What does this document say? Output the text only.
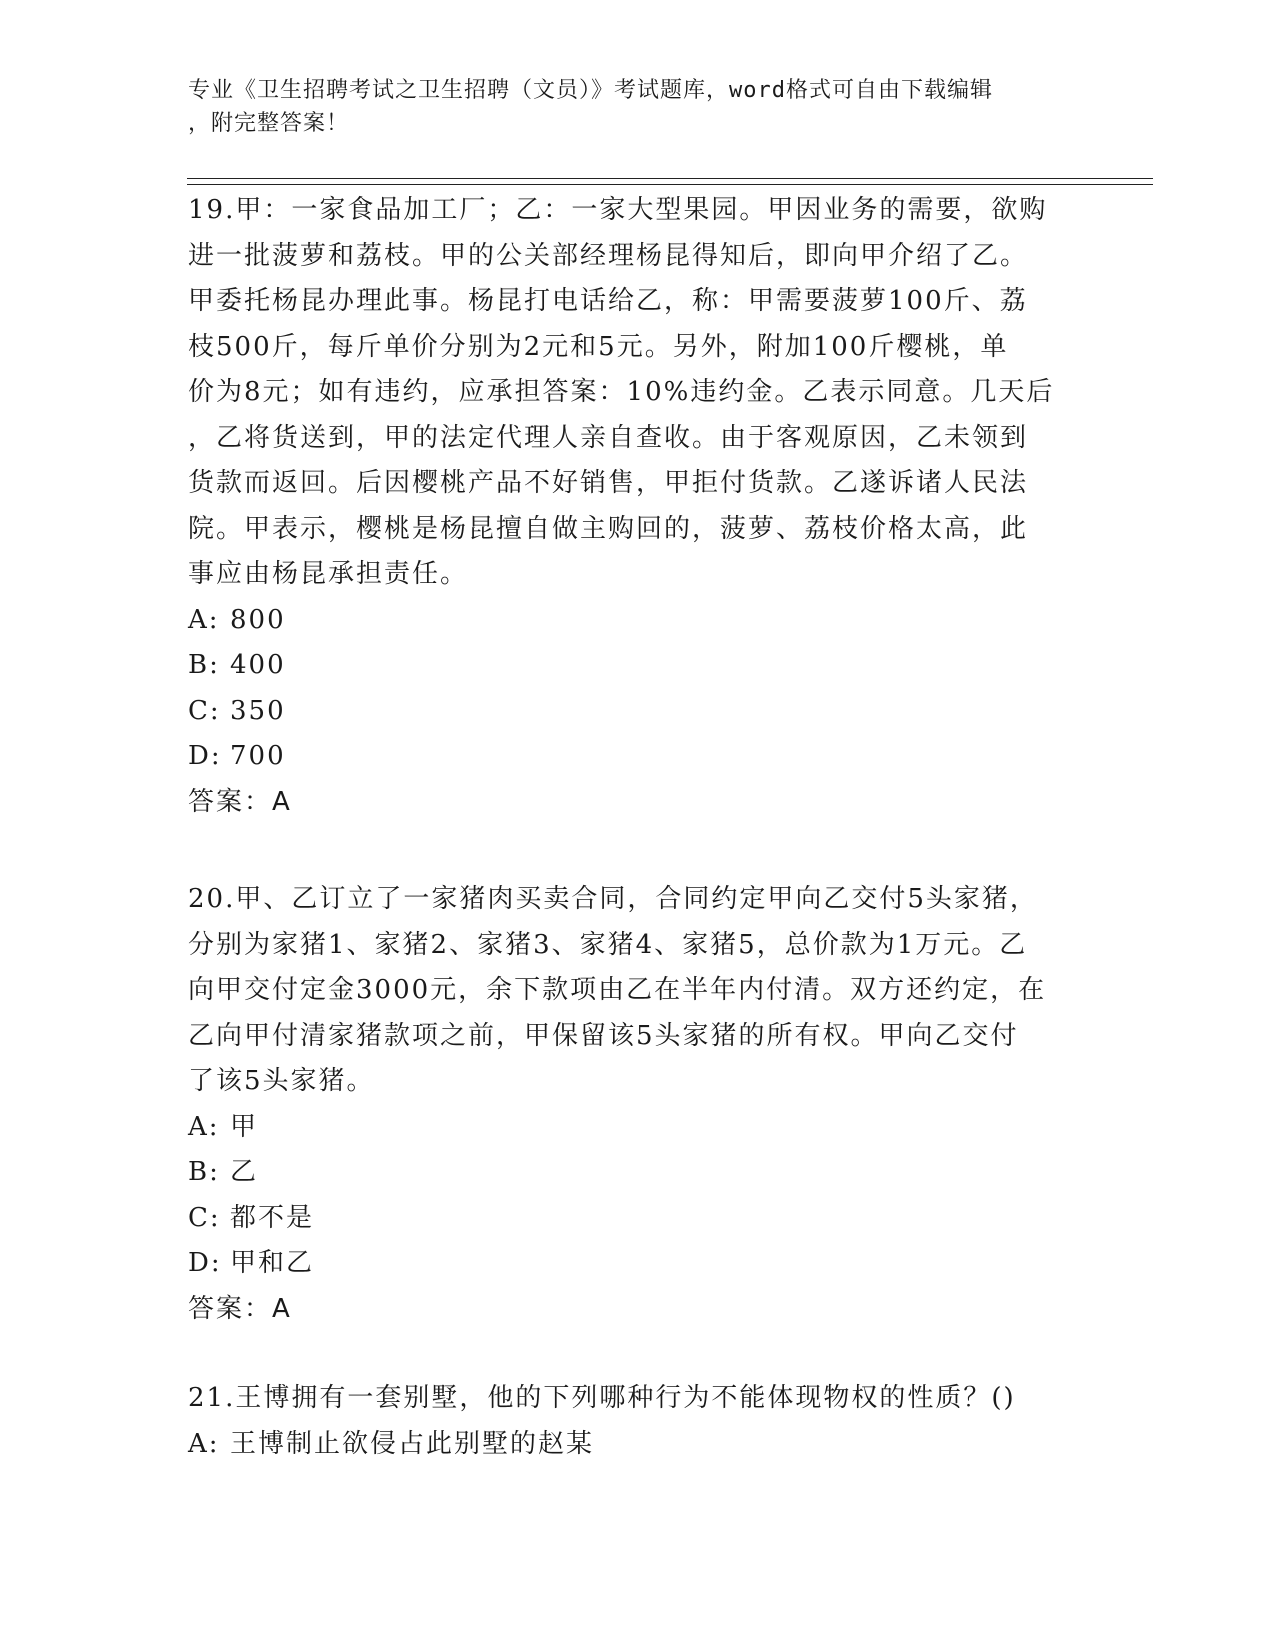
专业《卫生招聘考试之卫生招聘（文员）》考试题库，word格式可自由下载编辑
，附完整答案！

19.甲：一家食品加工厂；乙：一家大型果园。甲因业务的需要，欲购

进一批菠萝和荔枝。甲的公关部经理杨昆得知后，即向甲介绍了乙。

甲委托杨昆办理此事。杨昆打电话给乙，称：甲需要菠萝100斤、荔

枝500斤，每斤单价分别为2元和5元。另外，附加100斤樱桃，单

价为8元；如有违约，应承担答案：10%违约金。乙表示同意。几天后

，乙将货送到，甲的法定代理人亲自查收。由于客观原因，乙未领到

货款而返回。后因樱桃产品不好销售，甲拒付货款。乙遂诉诸人民法

院。甲表示，樱桃是杨昆擅自做主购回的，菠萝、荔枝价格太高，此

事应由杨昆承担责任。

A: 800

B: 400

C: 350

D: 700

答案：A

20.甲、乙订立了一家猪肉买卖合同，合同约定甲向乙交付5头家猪，

分别为家猪1、家猪2、家猪3、家猪4、家猪5，总价款为1万元。乙

向甲交付定金3000元，余下款项由乙在半年内付清。双方还约定，在

乙向甲付清家猪款项之前，甲保留该5头家猪的所有权。甲向乙交付

了该5头家猪。

A: 甲

B: 乙

C: 都不是

D: 甲和乙

答案：A

21.王博拥有一套别墅，他的下列哪种行为不能体现物权的性质？()

A: 王博制止欲侵占此别墅的赵某
